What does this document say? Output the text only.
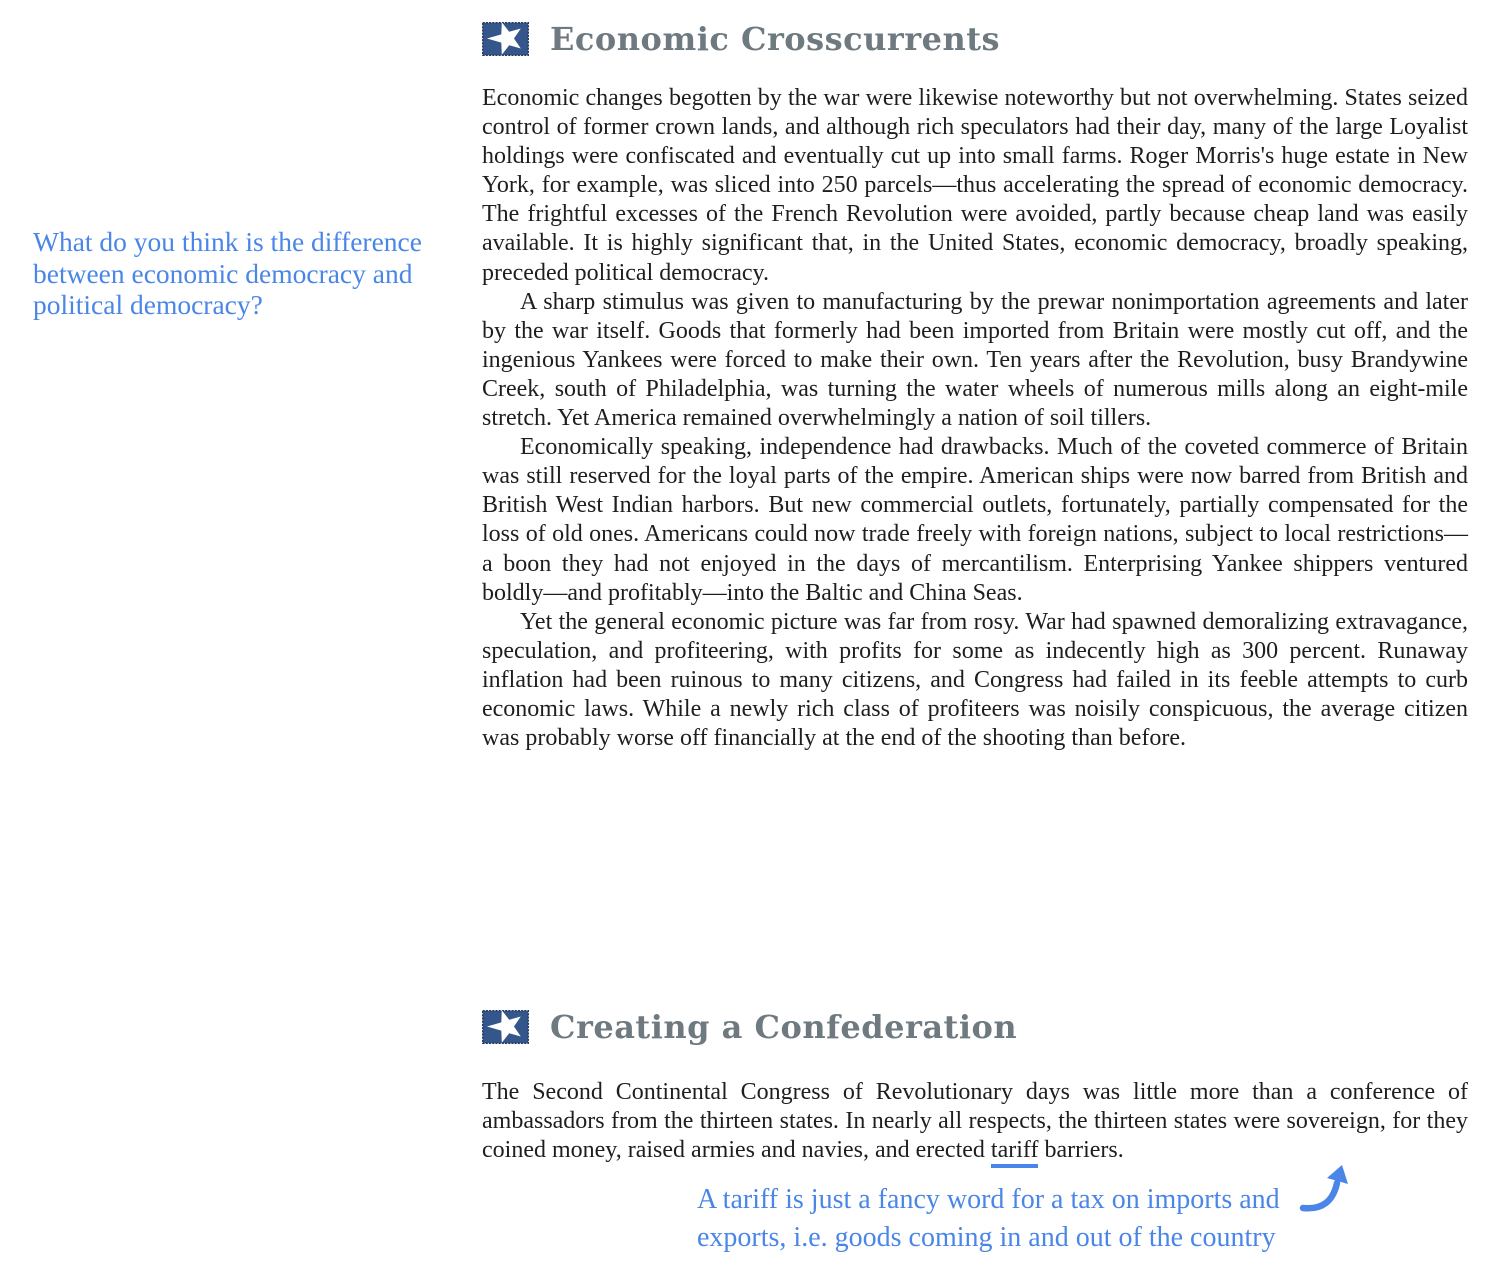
What do you think is the difference
between economic democracy and
political democracy?
Economic Crosscurrents

Economic changes begotten by the war were likewise noteworthy but not overwhelming. States seized control of former crown lands, and although rich speculators had their day, many of the large Loyalist holdings were confiscated and eventually cut up into small farms. Roger Morris's huge estate in New York, for example, was sliced into 250 parcels—thus accelerating the spread of economic democracy. The frightful excesses of the French Revolution were avoided, partly because cheap land was easily available. It is highly significant that, in the United States, economic democracy, broadly speaking, preceded political democracy.

A sharp stimulus was given to manufacturing by the prewar nonimportation agreements and later by the war itself. Goods that formerly had been imported from Britain were mostly cut off, and the ingenious Yankees were forced to make their own. Ten years after the Revolution, busy Brandywine Creek, south of Philadelphia, was turning the water wheels of numerous mills along an eight-mile stretch. Yet America remained overwhelmingly a nation of soil tillers.

Economically speaking, independence had drawbacks. Much of the coveted commerce of Britain was still reserved for the loyal parts of the empire. American ships were now barred from British and British West Indian harbors. But new commercial outlets, fortunately, partially compensated for the loss of old ones. Americans could now trade freely with foreign nations, subject to local restrictions—a boon they had not enjoyed in the days of mercantilism. Enterprising Yankee shippers ventured boldly—and profitably—into the Baltic and China Seas.

Yet the general economic picture was far from rosy. War had spawned demoralizing extravagance, speculation, and profiteering, with profits for some as indecently high as 300 percent. Runaway inflation had been ruinous to many citizens, and Congress had failed in its feeble attempts to curb economic laws. While a newly rich class of profiteers was noisily conspicuous, the average citizen was probably worse off financially at the end of the shooting than before.

Creating a Confederation

The Second Continental Congress of Revolutionary days was little more than a conference of ambassadors from the thirteen states. In nearly all respects, the thirteen states were sovereign, for they coined money, raised armies and navies, and erected tariff barriers.

A tariff is just a fancy word for a tax on imports and
exports, i.e. goods coming in and out of the country
